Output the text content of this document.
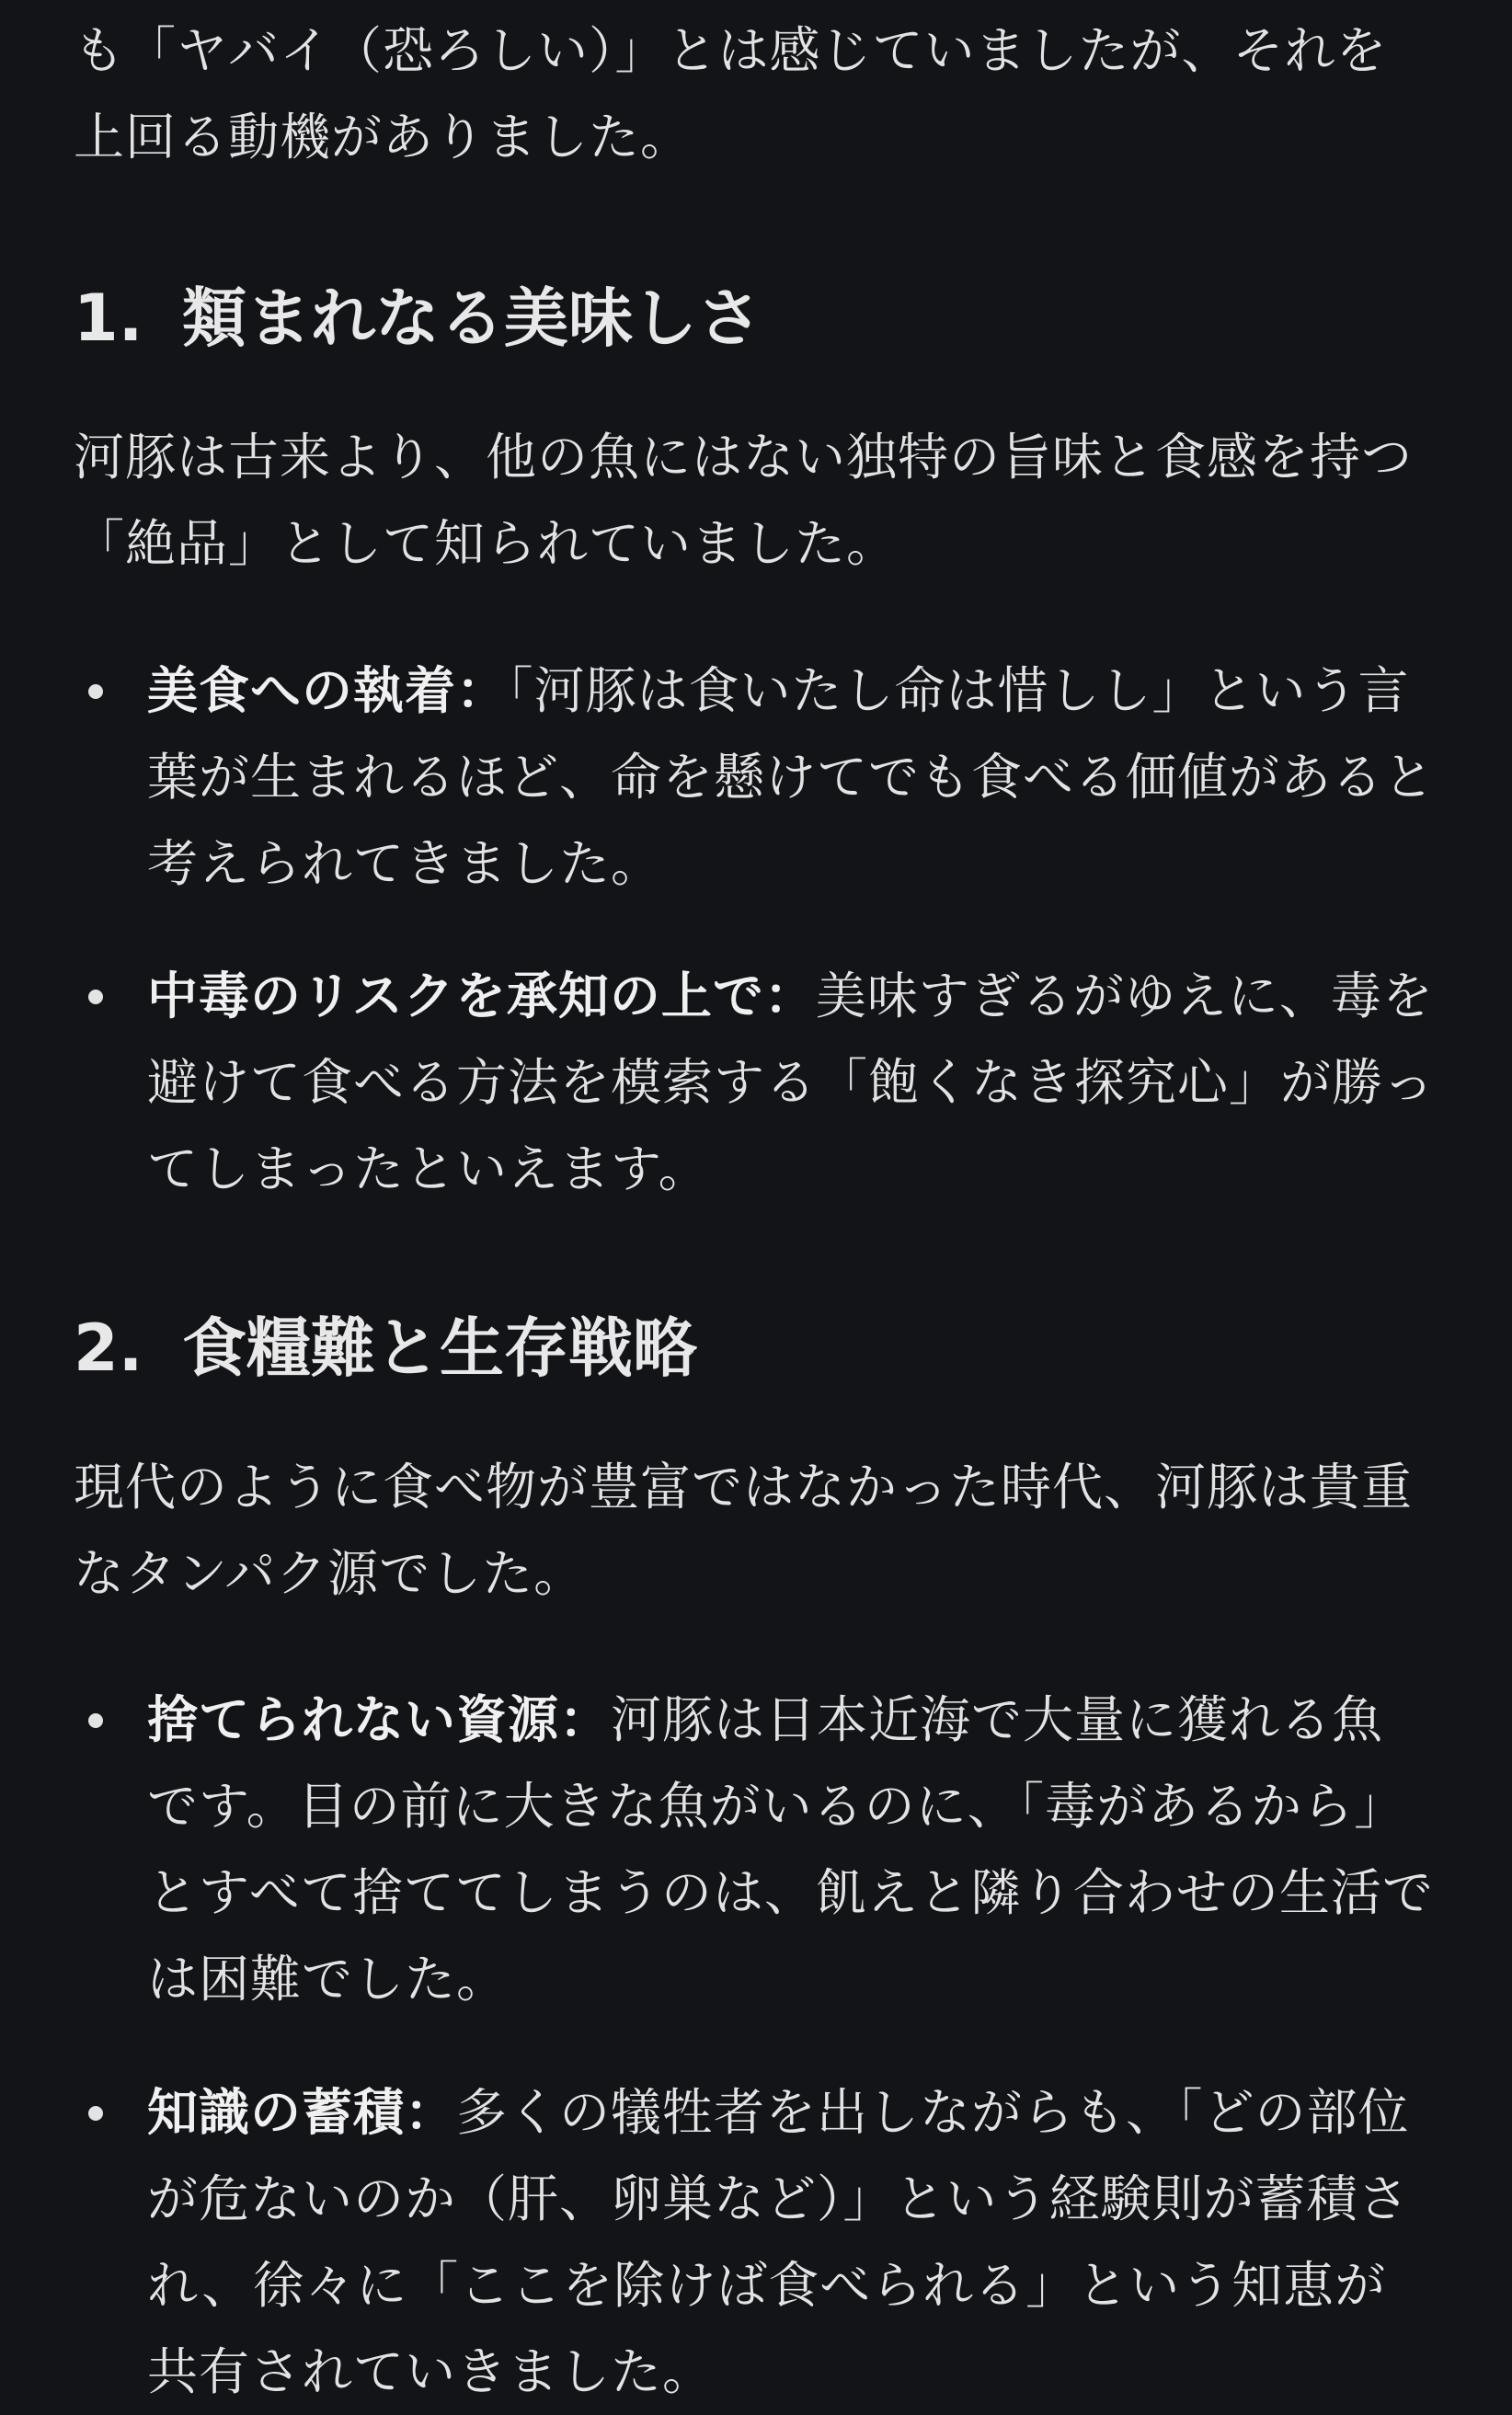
も「ヤバイ（恐ろしい）」とは感じていましたが、それを上回る動機がありました。

1. 類まれなる美味しさ

河豚は古来より、他の魚にはない独特の旨味と食感を持つ「絶品」として知られていました。

美食への執着：「河豚は食いたし命は惜しし」という言葉が生まれるほど、命を懸けてでも食べる価値があると考えられてきました。
中毒のリスクを承知の上で：美味すぎるがゆえに、毒を避けて食べる方法を模索する「飽くなき探究心」が勝ってしまったといえます。
2. 食糧難と生存戦略

現代のように食べ物が豊富ではなかった時代、河豚は貴重なタンパク源でした。

捨てられない資源：河豚は日本近海で大量に獲れる魚です。目の前に大きな魚がいるのに、「毒があるから」とすべて捨ててしまうのは、飢えと隣り合わせの生活では困難でした。
知識の蓄積：多くの犠牲者を出しながらも、「どの部位が危ないのか（肝、卵巣など）」という経験則が蓄積され、徐々に「ここを除けば食べられる」という知恵が共有されていきました。
